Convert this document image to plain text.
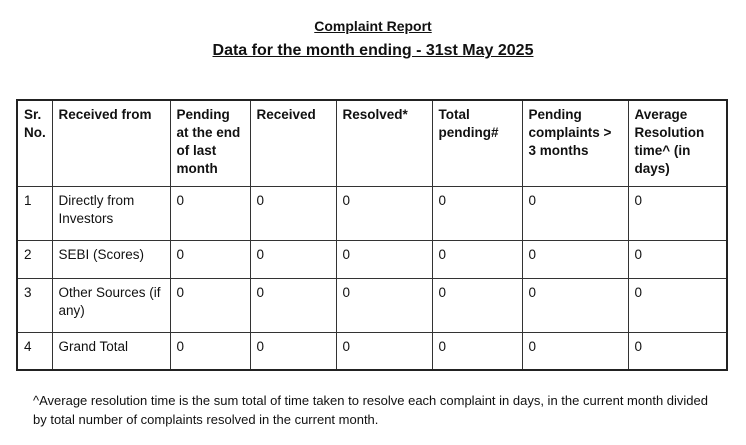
Complaint Report
Data for the month ending - 31st May 2025
Sr. No.	Received from	Pending at the end of last month	Received	Resolved*	Total pending#	Pending complaints > 3 months	Average Resolution time^ (in days)
1	Directly from Investors	0	0	0	0	0	0
2	SEBI (Scores)	0	0	0	0	0	0
3	Other Sources (if any)	0	0	0	0	0	0
4	Grand Total	0	0	0	0	0	0
^Average resolution time is the sum total of time taken to resolve each complaint in days, in the current month divided by total number of complaints resolved in the current month.
